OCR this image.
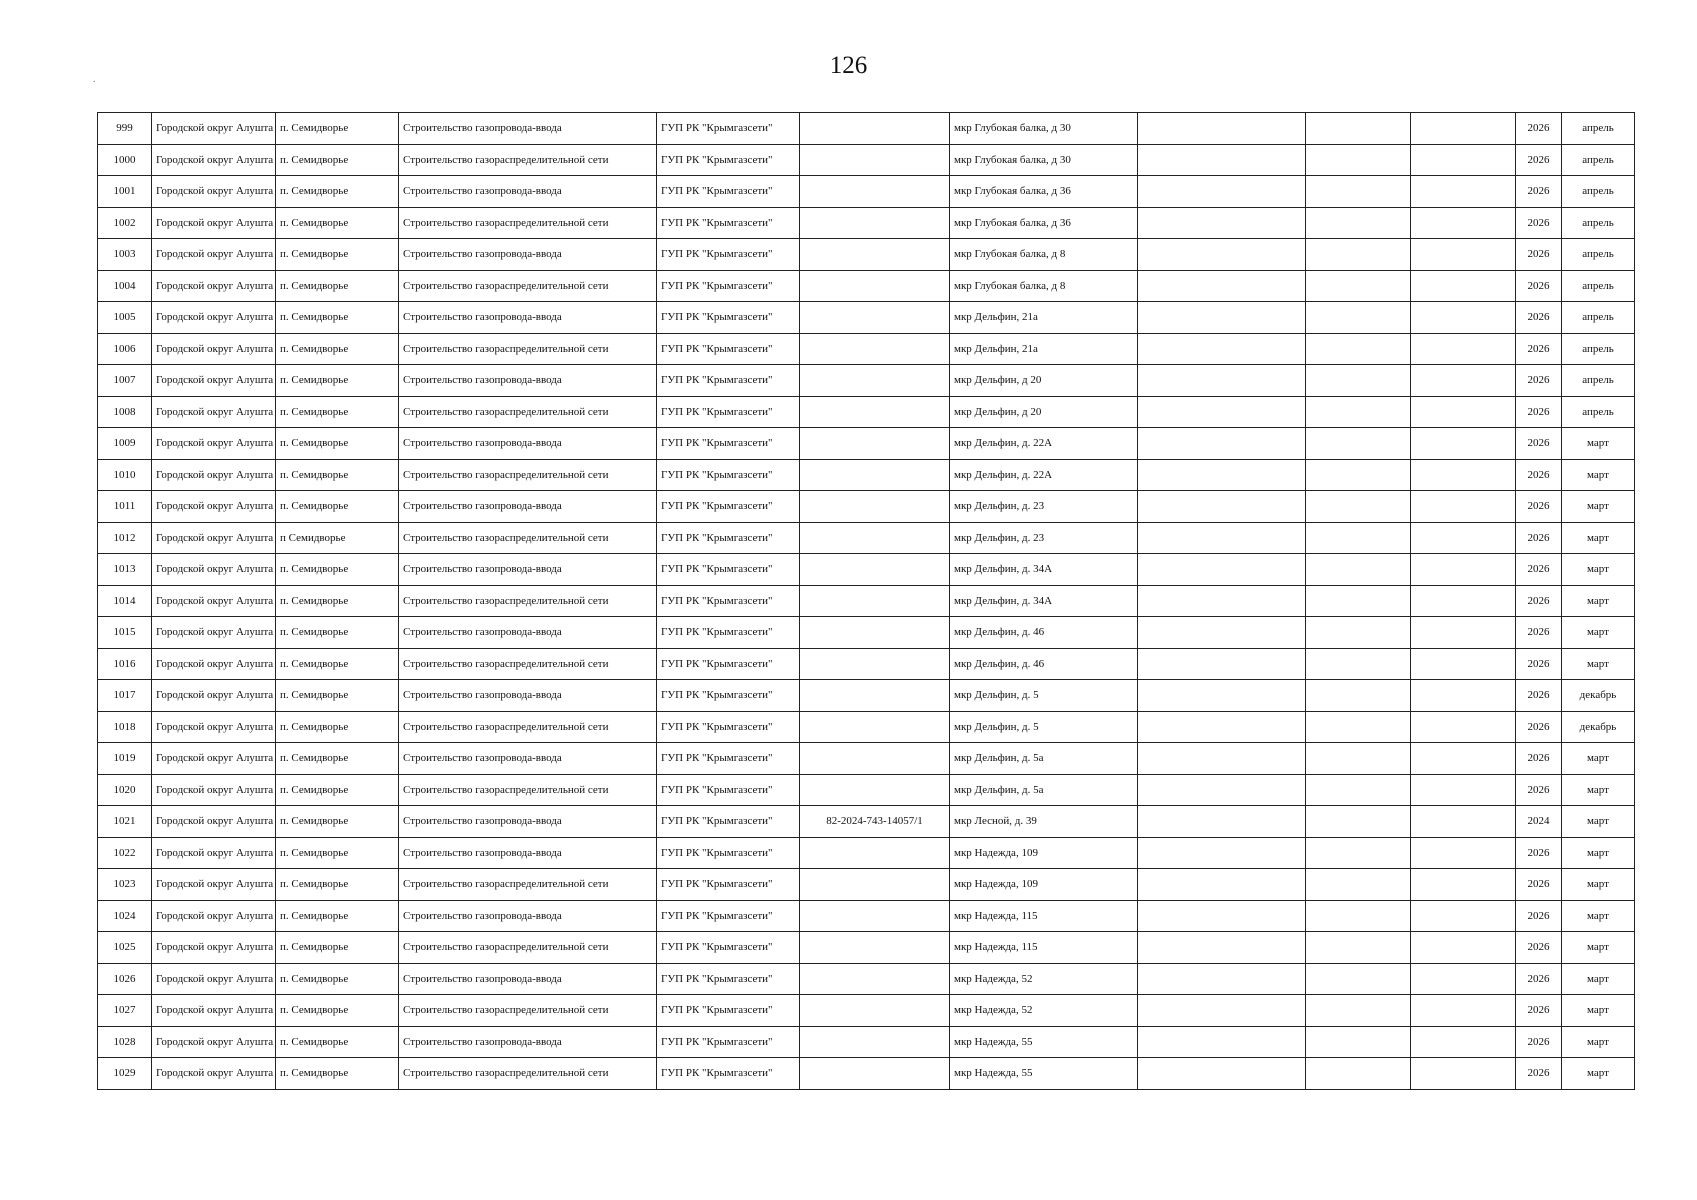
.
126
999	Городской округ Алушта	п. Семидворье	Строительство газопровода-ввода	ГУП РК "Крымгазсети"		мкр Глубокая балка, д 30				2026	апрель
1000	Городской округ Алушта	п. Семидворье	Строительство газораспределительной сети	ГУП РК "Крымгазсети"		мкр Глубокая балка, д 30				2026	апрель
1001	Городской округ Алушта	п. Семидворье	Строительство газопровода-ввода	ГУП РК "Крымгазсети"		мкр Глубокая балка, д 36				2026	апрель
1002	Городской округ Алушта	п. Семидворье	Строительство газораспределительной сети	ГУП РК "Крымгазсети"		мкр Глубокая балка, д 36				2026	апрель
1003	Городской округ Алушта	п. Семидворье	Строительство газопровода-ввода	ГУП РК "Крымгазсети"		мкр Глубокая балка, д 8				2026	апрель
1004	Городской округ Алушта	п. Семидворье	Строительство газораспределительной сети	ГУП РК "Крымгазсети"		мкр Глубокая балка, д 8				2026	апрель
1005	Городской округ Алушта	п. Семидворье	Строительство газопровода-ввода	ГУП РК "Крымгазсети"		мкр Дельфин, 21а				2026	апрель
1006	Городской округ Алушта	п. Семидворье	Строительство газораспределительной сети	ГУП РК "Крымгазсети"		мкр Дельфин, 21а				2026	апрель
1007	Городской округ Алушта	п. Семидворье	Строительство газопровода-ввода	ГУП РК "Крымгазсети"		мкр Дельфин, д 20				2026	апрель
1008	Городской округ Алушта	п. Семидворье	Строительство газораспределительной сети	ГУП РК "Крымгазсети"		мкр Дельфин, д 20				2026	апрель
1009	Городской округ Алушта	п. Семидворье	Строительство газопровода-ввода	ГУП РК "Крымгазсети"		мкр Дельфин, д. 22А				2026	март
1010	Городской округ Алушта	п. Семидворье	Строительство газораспределительной сети	ГУП РК "Крымгазсети"		мкр Дельфин, д. 22А				2026	март
1011	Городской округ Алушта	п. Семидворье	Строительство газопровода-ввода	ГУП РК "Крымгазсети"		мкр Дельфин, д. 23				2026	март
1012	Городской округ Алушта	п Семидворье	Строительство газораспределительной сети	ГУП РК "Крымгазсети"		мкр Дельфин, д. 23				2026	март
1013	Городской округ Алушта	п. Семидворье	Строительство газопровода-ввода	ГУП РК "Крымгазсети"		мкр Дельфин, д. 34А				2026	март
1014	Городской округ Алушта	п. Семидворье	Строительство газораспределительной сети	ГУП РК "Крымгазсети"		мкр Дельфин, д. 34А				2026	март
1015	Городской округ Алушта	п. Семидворье	Строительство газопровода-ввода	ГУП РК "Крымгазсети"		мкр Дельфин, д. 46				2026	март
1016	Городской округ Алушта	п. Семидворье	Строительство газораспределительной сети	ГУП РК "Крымгазсети"		мкр Дельфин, д. 46				2026	март
1017	Городской округ Алушта	п. Семидворье	Строительство газопровода-ввода	ГУП РК "Крымгазсети"		мкр Дельфин, д. 5				2026	декабрь
1018	Городской округ Алушта	п. Семидворье	Строительство газораспределительной сети	ГУП РК "Крымгазсети"		мкр Дельфин, д. 5				2026	декабрь
1019	Городской округ Алушта	п. Семидворье	Строительство газопровода-ввода	ГУП РК "Крымгазсети"		мкр Дельфин, д. 5а				2026	март
1020	Городской округ Алушта	п. Семидворье	Строительство газораспределительной сети	ГУП РК "Крымгазсети"		мкр Дельфин, д. 5а				2026	март
1021	Городской округ Алушта	п. Семидворье	Строительство газопровода-ввода	ГУП РК "Крымгазсети"	82-2024-743-14057/1	мкр Лесной, д. 39				2024	март
1022	Городской округ Алушта	п. Семидворье	Строительство газопровода-ввода	ГУП РК "Крымгазсети"		мкр Надежда, 109				2026	март
1023	Городской округ Алушта	п. Семидворье	Строительство газораспределительной сети	ГУП РК "Крымгазсети"		мкр Надежда, 109				2026	март
1024	Городской округ Алушта	п. Семидворье	Строительство газопровода-ввода	ГУП РК "Крымгазсети"		мкр Надежда, 115				2026	март
1025	Городской округ Алушта	п. Семидворье	Строительство газораспределительной сети	ГУП РК "Крымгазсети"		мкр Надежда, 115				2026	март
1026	Городской округ Алушта	п. Семидворье	Строительство газопровода-ввода	ГУП РК "Крымгазсети"		мкр Надежда, 52				2026	март
1027	Городской округ Алушта	п. Семидворье	Строительство газораспределительной сети	ГУП РК "Крымгазсети"		мкр Надежда, 52				2026	март
1028	Городской округ Алушта	п. Семидворье	Строительство газопровода-ввода	ГУП РК "Крымгазсети"		мкр Надежда, 55				2026	март
1029	Городской округ Алушта	п. Семидворье	Строительство газораспределительной сети	ГУП РК "Крымгазсети"		мкр Надежда, 55				2026	март
